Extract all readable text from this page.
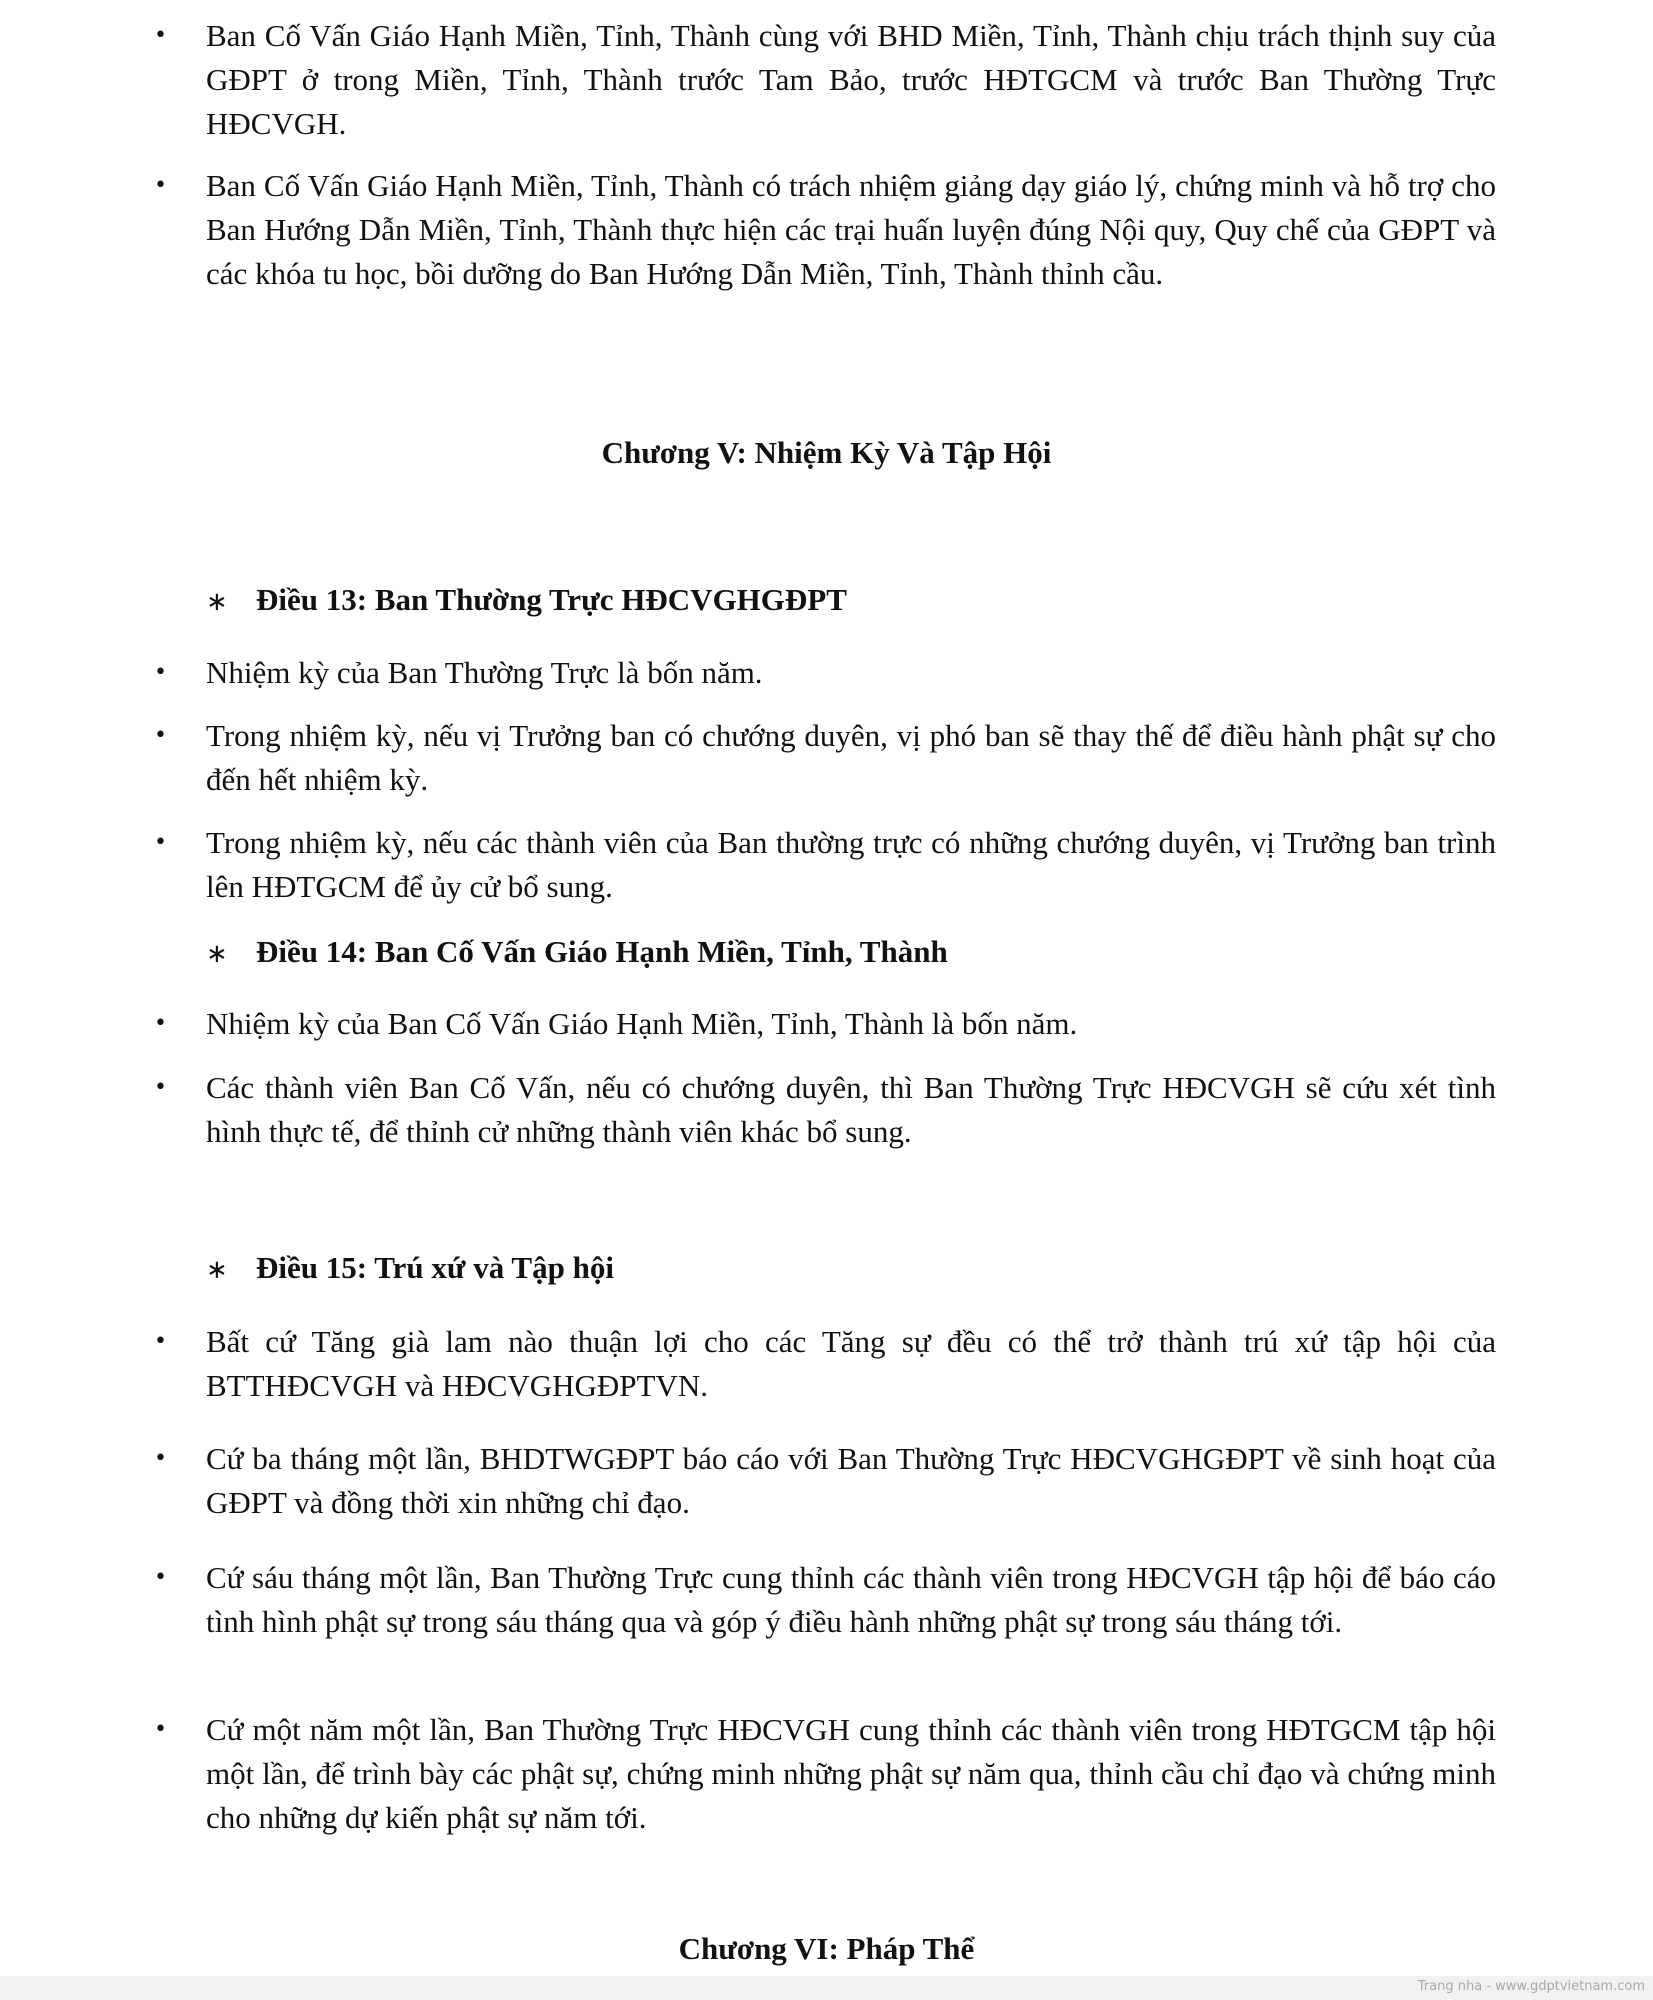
• Ban Cố Vấn Giáo Hạnh Miền, Tỉnh, Thành cùng với BHD Miền, Tỉnh, Thành chịu trách thịnh suy của GĐPT ở trong Miền, Tỉnh, Thành trước Tam Bảo, trước HĐTGCM và trước Ban Thường Trực HĐCVGH.
• Ban Cố Vấn Giáo Hạnh Miền, Tỉnh, Thành có trách nhiệm giảng dạy giáo lý, chứng minh và hỗ trợ cho Ban Hướng Dẫn Miền, Tỉnh, Thành thực hiện các trại huấn luyện đúng Nội quy, Quy chế của GĐPT và các khóa tu học, bồi dưỡng do Ban Hướng Dẫn Miền, Tỉnh, Thành thỉnh cầu.
Chương V: Nhiệm Kỳ Và Tập Hội
∗ Điều 13: Ban Thường Trực HĐCVGHGĐPT
• Nhiệm kỳ của Ban Thường Trực là bốn năm.
• Trong nhiệm kỳ, nếu vị Trưởng ban có chướng duyên, vị phó ban sẽ thay thế để điều hành phật sự cho đến hết nhiệm kỳ.
• Trong nhiệm kỳ, nếu các thành viên của Ban thường trực có những chướng duyên, vị Trưởng ban trình lên HĐTGCM để ủy cử bổ sung.
∗ Điều 14: Ban Cố Vấn Giáo Hạnh Miền, Tỉnh, Thành
• Nhiệm kỳ của Ban Cố Vấn Giáo Hạnh Miền, Tỉnh, Thành là bốn năm.
• Các thành viên Ban Cố Vấn, nếu có chướng duyên, thì Ban Thường Trực HĐCVGH sẽ cứu xét tình hình thực tế, để thỉnh cử những thành viên khác bổ sung.
∗ Điều 15: Trú xứ và Tập hội
• Bất cứ Tăng già lam nào thuận lợi cho các Tăng sự đều có thể trở thành trú xứ tập hội của BTTHĐCVGH và HĐCVGHGĐPTVN.
• Cứ ba tháng một lần, BHDTWGĐPT báo cáo với Ban Thường Trực HĐCVGHGĐPT về sinh hoạt của GĐPT và đồng thời xin những chỉ đạo.
• Cứ sáu tháng một lần, Ban Thường Trực cung thỉnh các thành viên trong HĐCVGH tập hội để báo cáo tình hình phật sự trong sáu tháng qua và góp ý điều hành những phật sự trong sáu tháng tới.
• Cứ một năm một lần, Ban Thường Trực HĐCVGH cung thỉnh các thành viên trong HĐTGCM tập hội một lần, để trình bày các phật sự, chứng minh những phật sự năm qua, thỉnh cầu chỉ đạo và chứng minh cho những dự kiến phật sự năm tới.
Chương VI: Pháp Thể
Trang nha - www.gdptvietnam.com
